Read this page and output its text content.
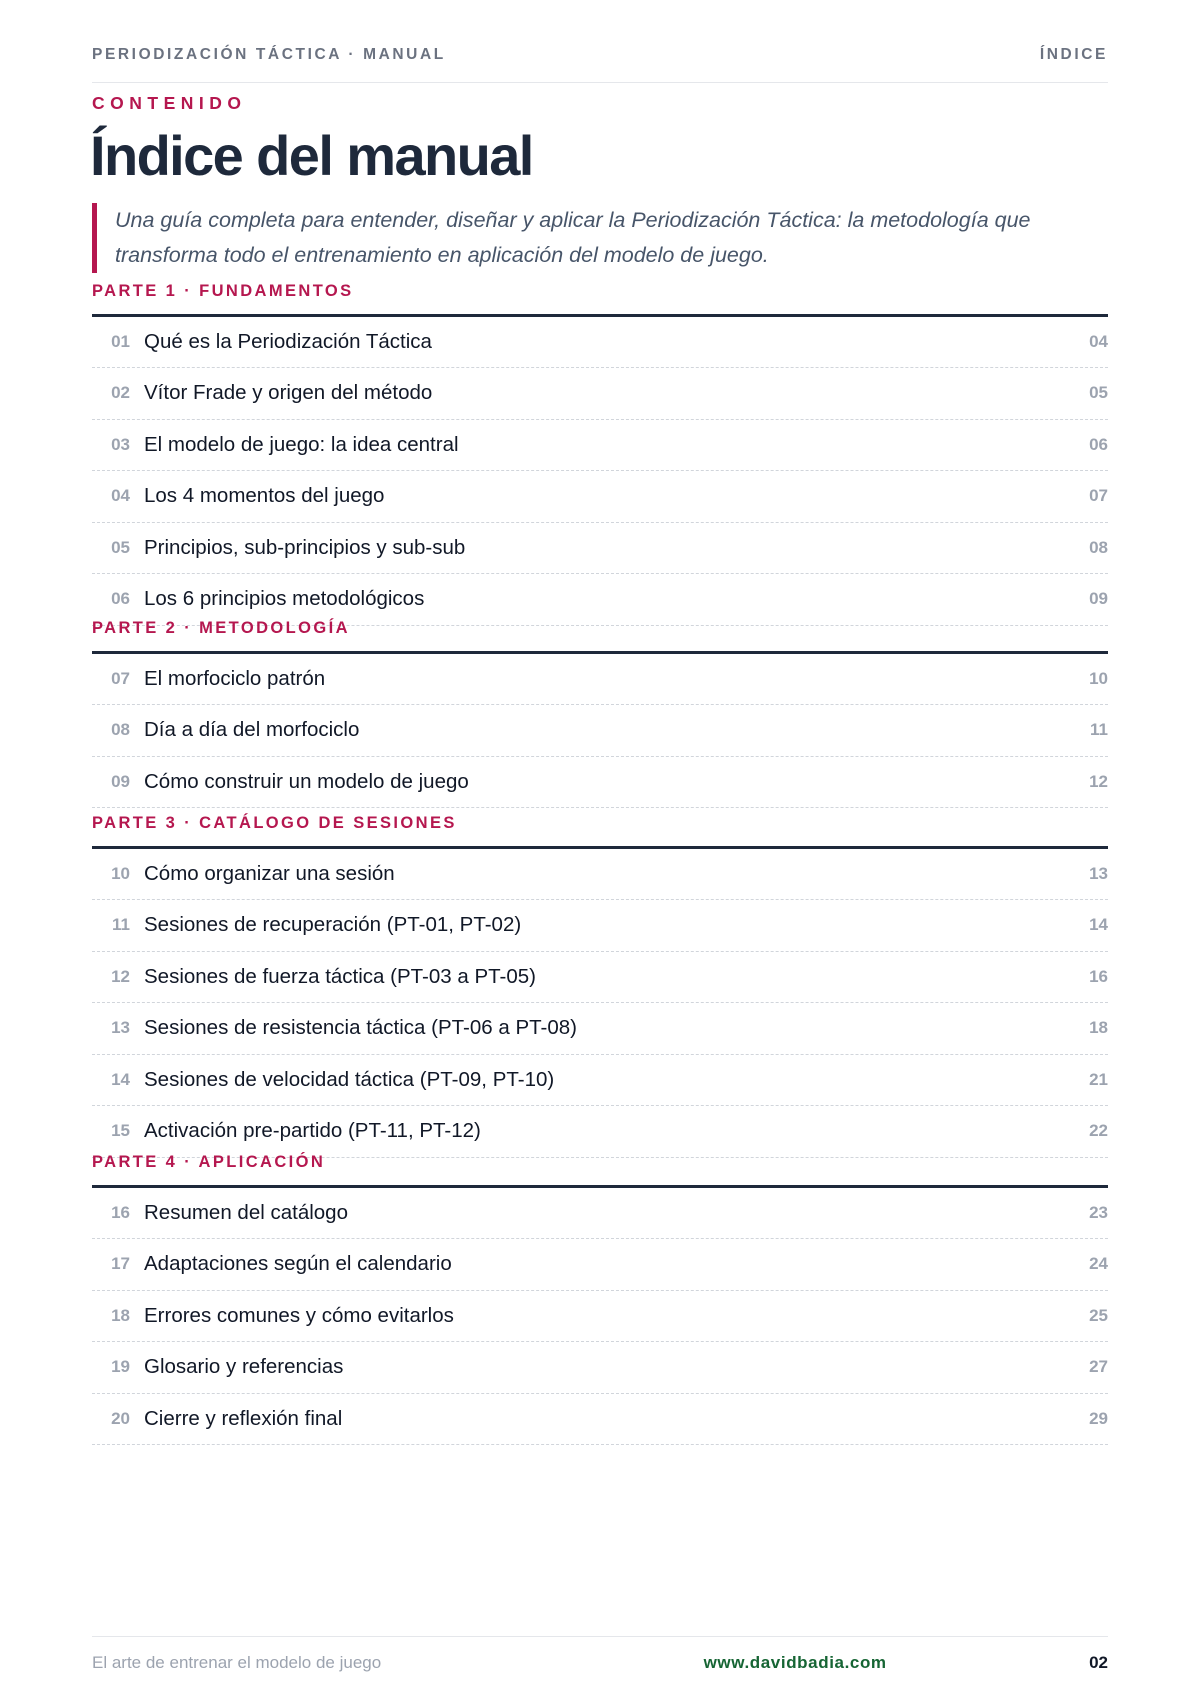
PERIODIZACIÓN TÁCTICA · MANUAL	ÍNDICE
CONTENIDO
Índice del manual
Una guía completa para entender, diseñar y aplicar la Periodización Táctica: la metodología que transforma todo el entrenamiento en aplicación del modelo de juego.
PARTE 1 · FUNDAMENTOS
01 Qué es la Periodización Táctica	04
02 Vítor Frade y origen del método	05
03 El modelo de juego: la idea central	06
04 Los 4 momentos del juego	07
05 Principios, sub-principios y sub-sub	08
06 Los 6 principios metodológicos	09
PARTE 2 · METODOLOGÍA
07 El morfociclo patrón	10
08 Día a día del morfociclo	11
09 Cómo construir un modelo de juego	12
PARTE 3 · CATÁLOGO DE SESIONES
10 Cómo organizar una sesión	13
11 Sesiones de recuperación (PT-01, PT-02)	14
12 Sesiones de fuerza táctica (PT-03 a PT-05)	16
13 Sesiones de resistencia táctica (PT-06 a PT-08)	18
14 Sesiones de velocidad táctica (PT-09, PT-10)	21
15 Activación pre-partido (PT-11, PT-12)	22
PARTE 4 · APLICACIÓN
16 Resumen del catálogo	23
17 Adaptaciones según el calendario	24
18 Errores comunes y cómo evitarlos	25
19 Glosario y referencias	27
20 Cierre y reflexión final	29
El arte de entrenar el modelo de juego	www.davidbadia.com	02
